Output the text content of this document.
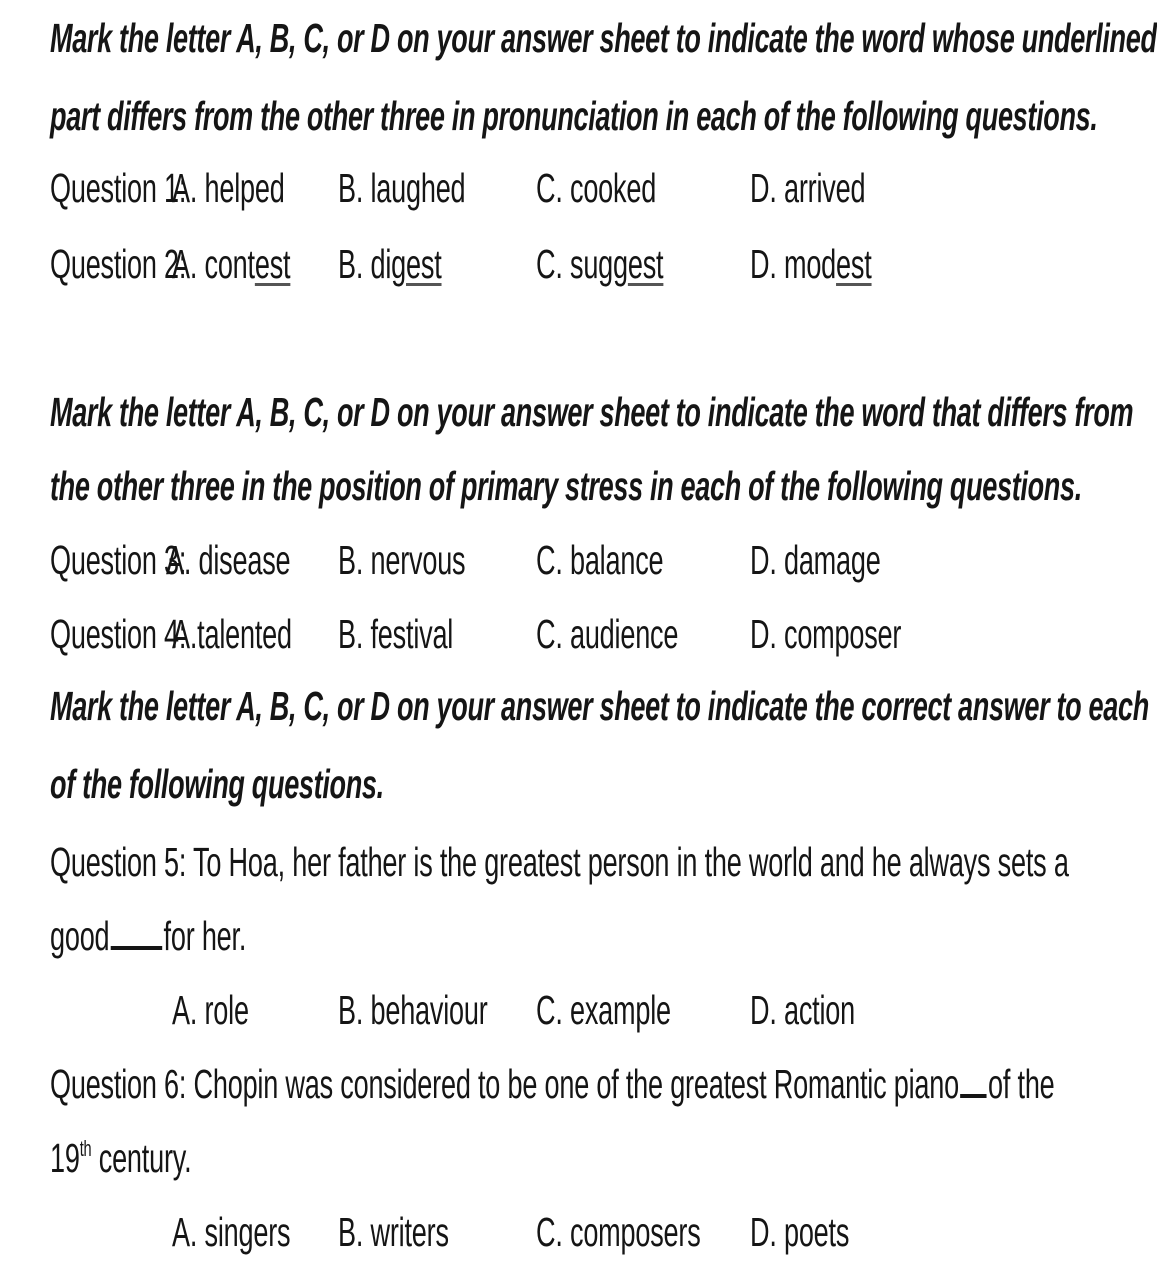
Mark the letter A, B, C, or D on your answer sheet to indicate the word whose underlined
part differs from the other three in pronunciation in each of the following questions.
Question 1:
A. helped B. laughed C. cooked D. arrived
Question 2:
A. contest B. digest C. suggest D. modest
Mark the letter A, B, C, or D on your answer sheet to indicate the word that differs from
the other three in the position of primary stress in each of the following questions.
Question 3:
A. disease B. nervous C. balance D. damage
Question 4:
A.talented B. festival C. audience D. composer
Mark the letter A, B, C, or D on your answer sheet to indicate the correct answer to each
of the following questions.
Question 5: To Hoa, her father is the greatest person in the world and he always sets a
good for her.
A. role B. behaviour C. example D. action
Question 6: Chopin was considered to be one of the greatest Romantic piano of the
19th century.
A. singers B. writers C. composers D. poets
